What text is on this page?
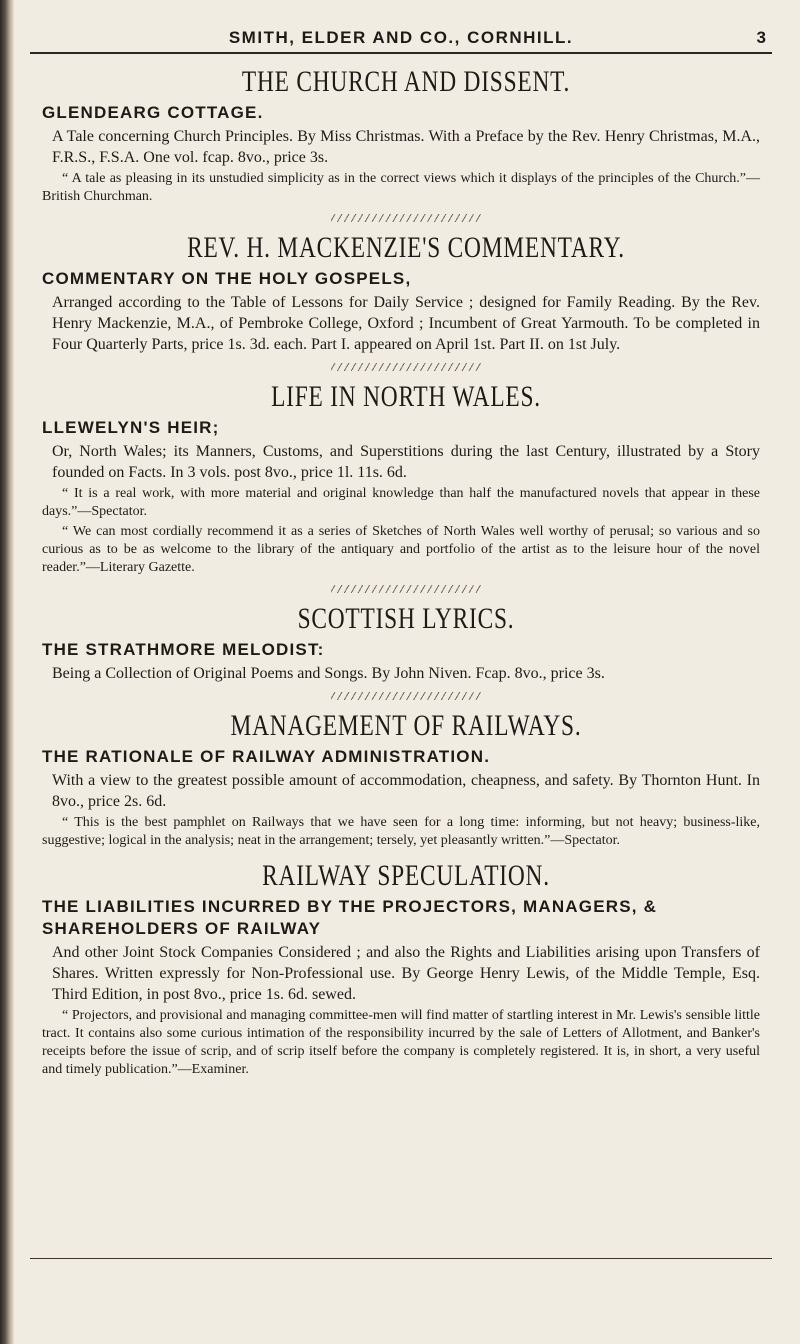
SMITH, ELDER AND CO., CORNHILL.	3
THE CHURCH AND DISSENT.
GLENDEARG COTTAGE.
A Tale concerning Church Principles. By Miss Christmas. With a Preface by the Rev. Henry Christmas, M.A., F.R.S., F.S.A. One vol. fcap. 8vo., price 3s.
“ A tale as pleasing in its unstudied simplicity as in the correct views which it displays of the principles of the Church.”—British Churchman.
REV. H. MACKENZIE'S COMMENTARY.
COMMENTARY ON THE HOLY GOSPELS,
Arranged according to the Table of Lessons for Daily Service ; designed for Family Reading. By the Rev. Henry Mackenzie, M.A., of Pembroke College, Oxford ; Incumbent of Great Yarmouth. To be completed in Four Quarterly Parts, price 1s. 3d. each. Part I. appeared on April 1st. Part II. on 1st July.
LIFE IN NORTH WALES.
LLEWELYN'S HEIR;
Or, North Wales; its Manners, Customs, and Superstitions during the last Century, illustrated by a Story founded on Facts. In 3 vols. post 8vo., price 1l. 11s. 6d.
“ It is a real work, with more material and original knowledge than half the manufactured novels that appear in these days.”—Spectator.
“ We can most cordially recommend it as a series of Sketches of North Wales well worthy of perusal; so various and so curious as to be as welcome to the library of the antiquary and portfolio of the artist as to the leisure hour of the novel reader.”—Literary Gazette.
SCOTTISH LYRICS.
THE STRATHMORE MELODIST:
Being a Collection of Original Poems and Songs. By John Niven. Fcap. 8vo., price 3s.
MANAGEMENT OF RAILWAYS.
THE RATIONALE OF RAILWAY ADMINISTRATION.
With a view to the greatest possible amount of accommodation, cheapness, and safety. By Thornton Hunt. In 8vo., price 2s. 6d.
“ This is the best pamphlet on Railways that we have seen for a long time: informing, but not heavy; business-like, suggestive; logical in the analysis; neat in the arrangement; tersely, yet pleasantly written.”—Spectator.
RAILWAY SPECULATION.
THE LIABILITIES INCURRED BY THE PROJECTORS, MANAGERS, & SHAREHOLDERS OF RAILWAY
And other Joint Stock Companies Considered ; and also the Rights and Liabilities arising upon Transfers of Shares. Written expressly for Non-Professional use. By George Henry Lewis, of the Middle Temple, Esq. Third Edition, in post 8vo., price 1s. 6d. sewed.
“ Projectors, and provisional and managing committee-men will find matter of startling interest in Mr. Lewis's sensible little tract. It contains also some curious intimation of the responsibility incurred by the sale of Letters of Allotment, and Banker's receipts before the issue of scrip, and of scrip itself before the company is completely registered. It is, in short, a very useful and timely publication.”—Examiner.
